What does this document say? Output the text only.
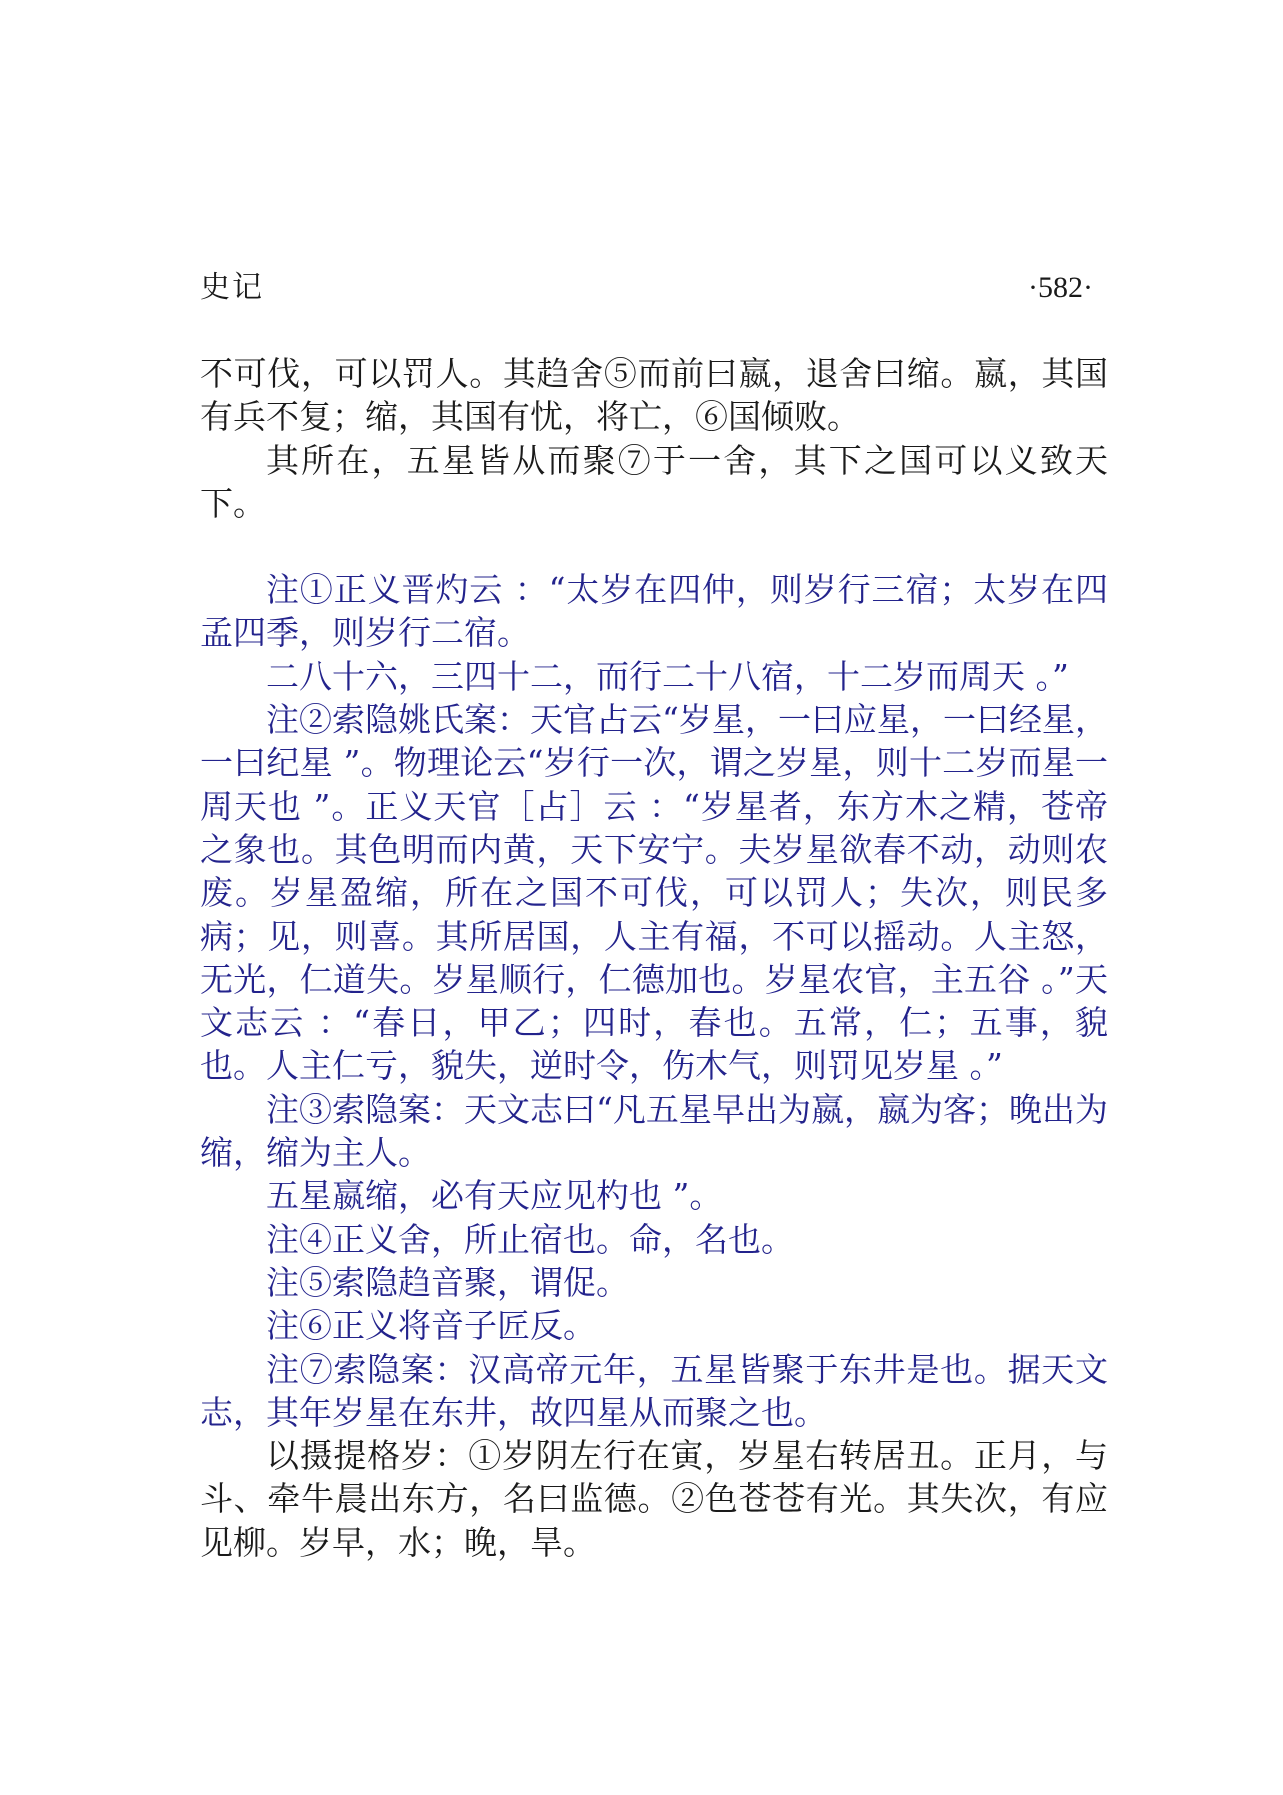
史记	·582·

不可伐，可以罚人。其趋舍⑤而前曰嬴，退舍曰缩。嬴，其国有兵不复；缩，其国有忧，将亡，⑥国倾败。

其所在，五星皆从而聚⑦于一舍，其下之国可以义致天下。

注①正义晋灼云 ：“太岁在四仲，则岁行三宿；太岁在四孟四季，则岁行二宿。

二八十六，三四十二，而行二十八宿，十二岁而周天 。”

注②索隐姚氏案：天官占云“岁星，一曰应星，一曰经星，一曰纪星 ”。物理论云“岁行一次，谓之岁星，则十二岁而星一周天也 ”。正义天官［占］云 ：“岁星者，东方木之精，苍帝之象也。其色明而内黄，天下安宁。夫岁星欲春不动，动则农废。岁星盈缩，所在之国不可伐，可以罚人；失次，则民多病；见，则喜。其所居国，人主有福，不可以摇动。人主怒，无光，仁道失。岁星顺行，仁德加也。岁星农官，主五谷 。”天文志云 ：“春日，甲乙；四时，春也。五常，仁；五事，貌也。人主仁亏，貌失，逆时令，伤木气，则罚见岁星 。”

注③索隐案：天文志曰“凡五星早出为嬴，嬴为客；晚出为缩，缩为主人。

五星嬴缩，必有天应见杓也 ”。

注④正义舍，所止宿也。命，名也。

注⑤索隐趋音聚，谓促。

注⑥正义将音子匠反。

注⑦索隐案：汉高帝元年，五星皆聚于东井是也。据天文志，其年岁星在东井，故四星从而聚之也。

以摄提格岁：①岁阴左行在寅，岁星右转居丑。正月，与斗、牵牛晨出东方，名曰监德。②色苍苍有光。其失次，有应见柳。岁早，水；晚，旱。
